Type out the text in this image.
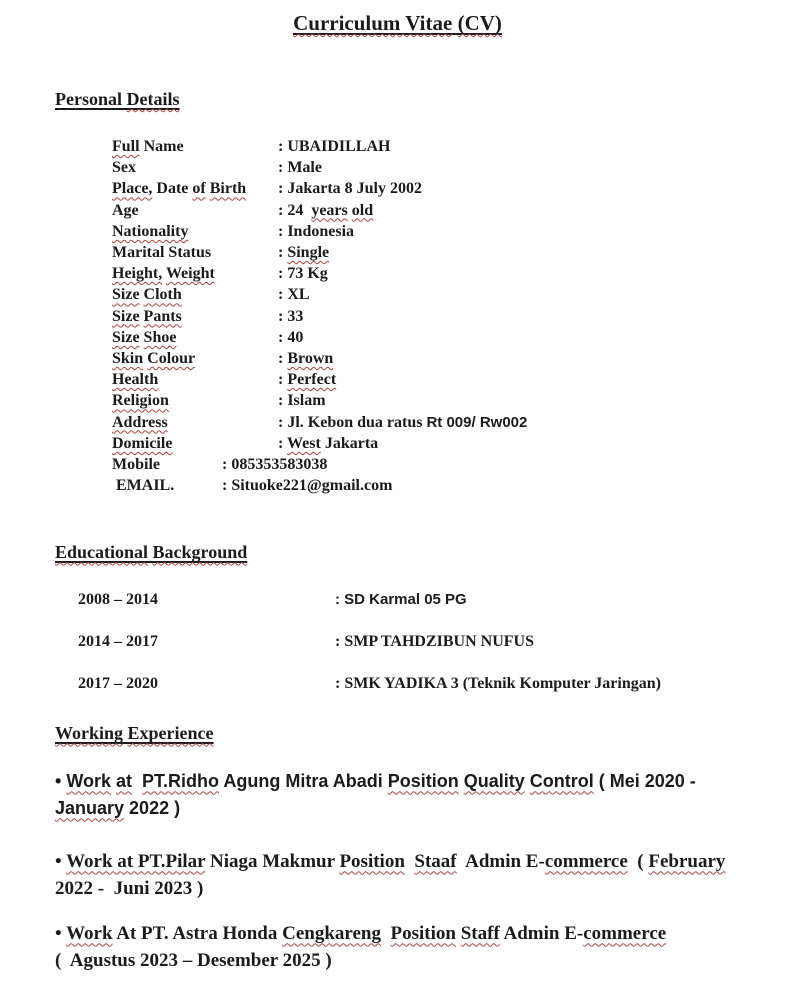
Curriculum Vitae (CV)
Personal Details
Full Name	: UBAIDILLAH
Sex	: Male
Place, Date of Birth : Jakarta 8 July 2002
Age	: 24  years old
Nationality	: Indonesia
Marital Status	: Single
Height, Weight	: 73 Kg
Size Cloth	: XL
Size Pants	: 33
Size Shoe	: 40
Skin Colour	: Brown
Health	: Perfect
Religion	: Islam
Address	: Jl. Kebon dua ratus Rt 009/ Rw002
Domicile	: West Jakarta
Mobile	: 085353583038
EMAIL.	: Situoke221@gmail.com
Educational Background
2008 – 2014	: SD Karmal 05 PG
2014 – 2017	: SMP TAHDZIBUN NUFUS
2017 – 2020	: SMK YADIKA 3 (Teknik Komputer Jaringan)
Working Experience
• Work at PT.Ridho Agung Mitra Abadi Position Quality Control ( Mei 2020 - January 2022 )
• Work at PT.Pilar Niaga Makmur Position Staaf  Admin E-commerce  ( February 2022 -  Juni 2023 )
• Work At PT. Astra Honda Cengkareng Position Staff Admin E-commerce (  Agustus 2023 – Desember 2025 )
